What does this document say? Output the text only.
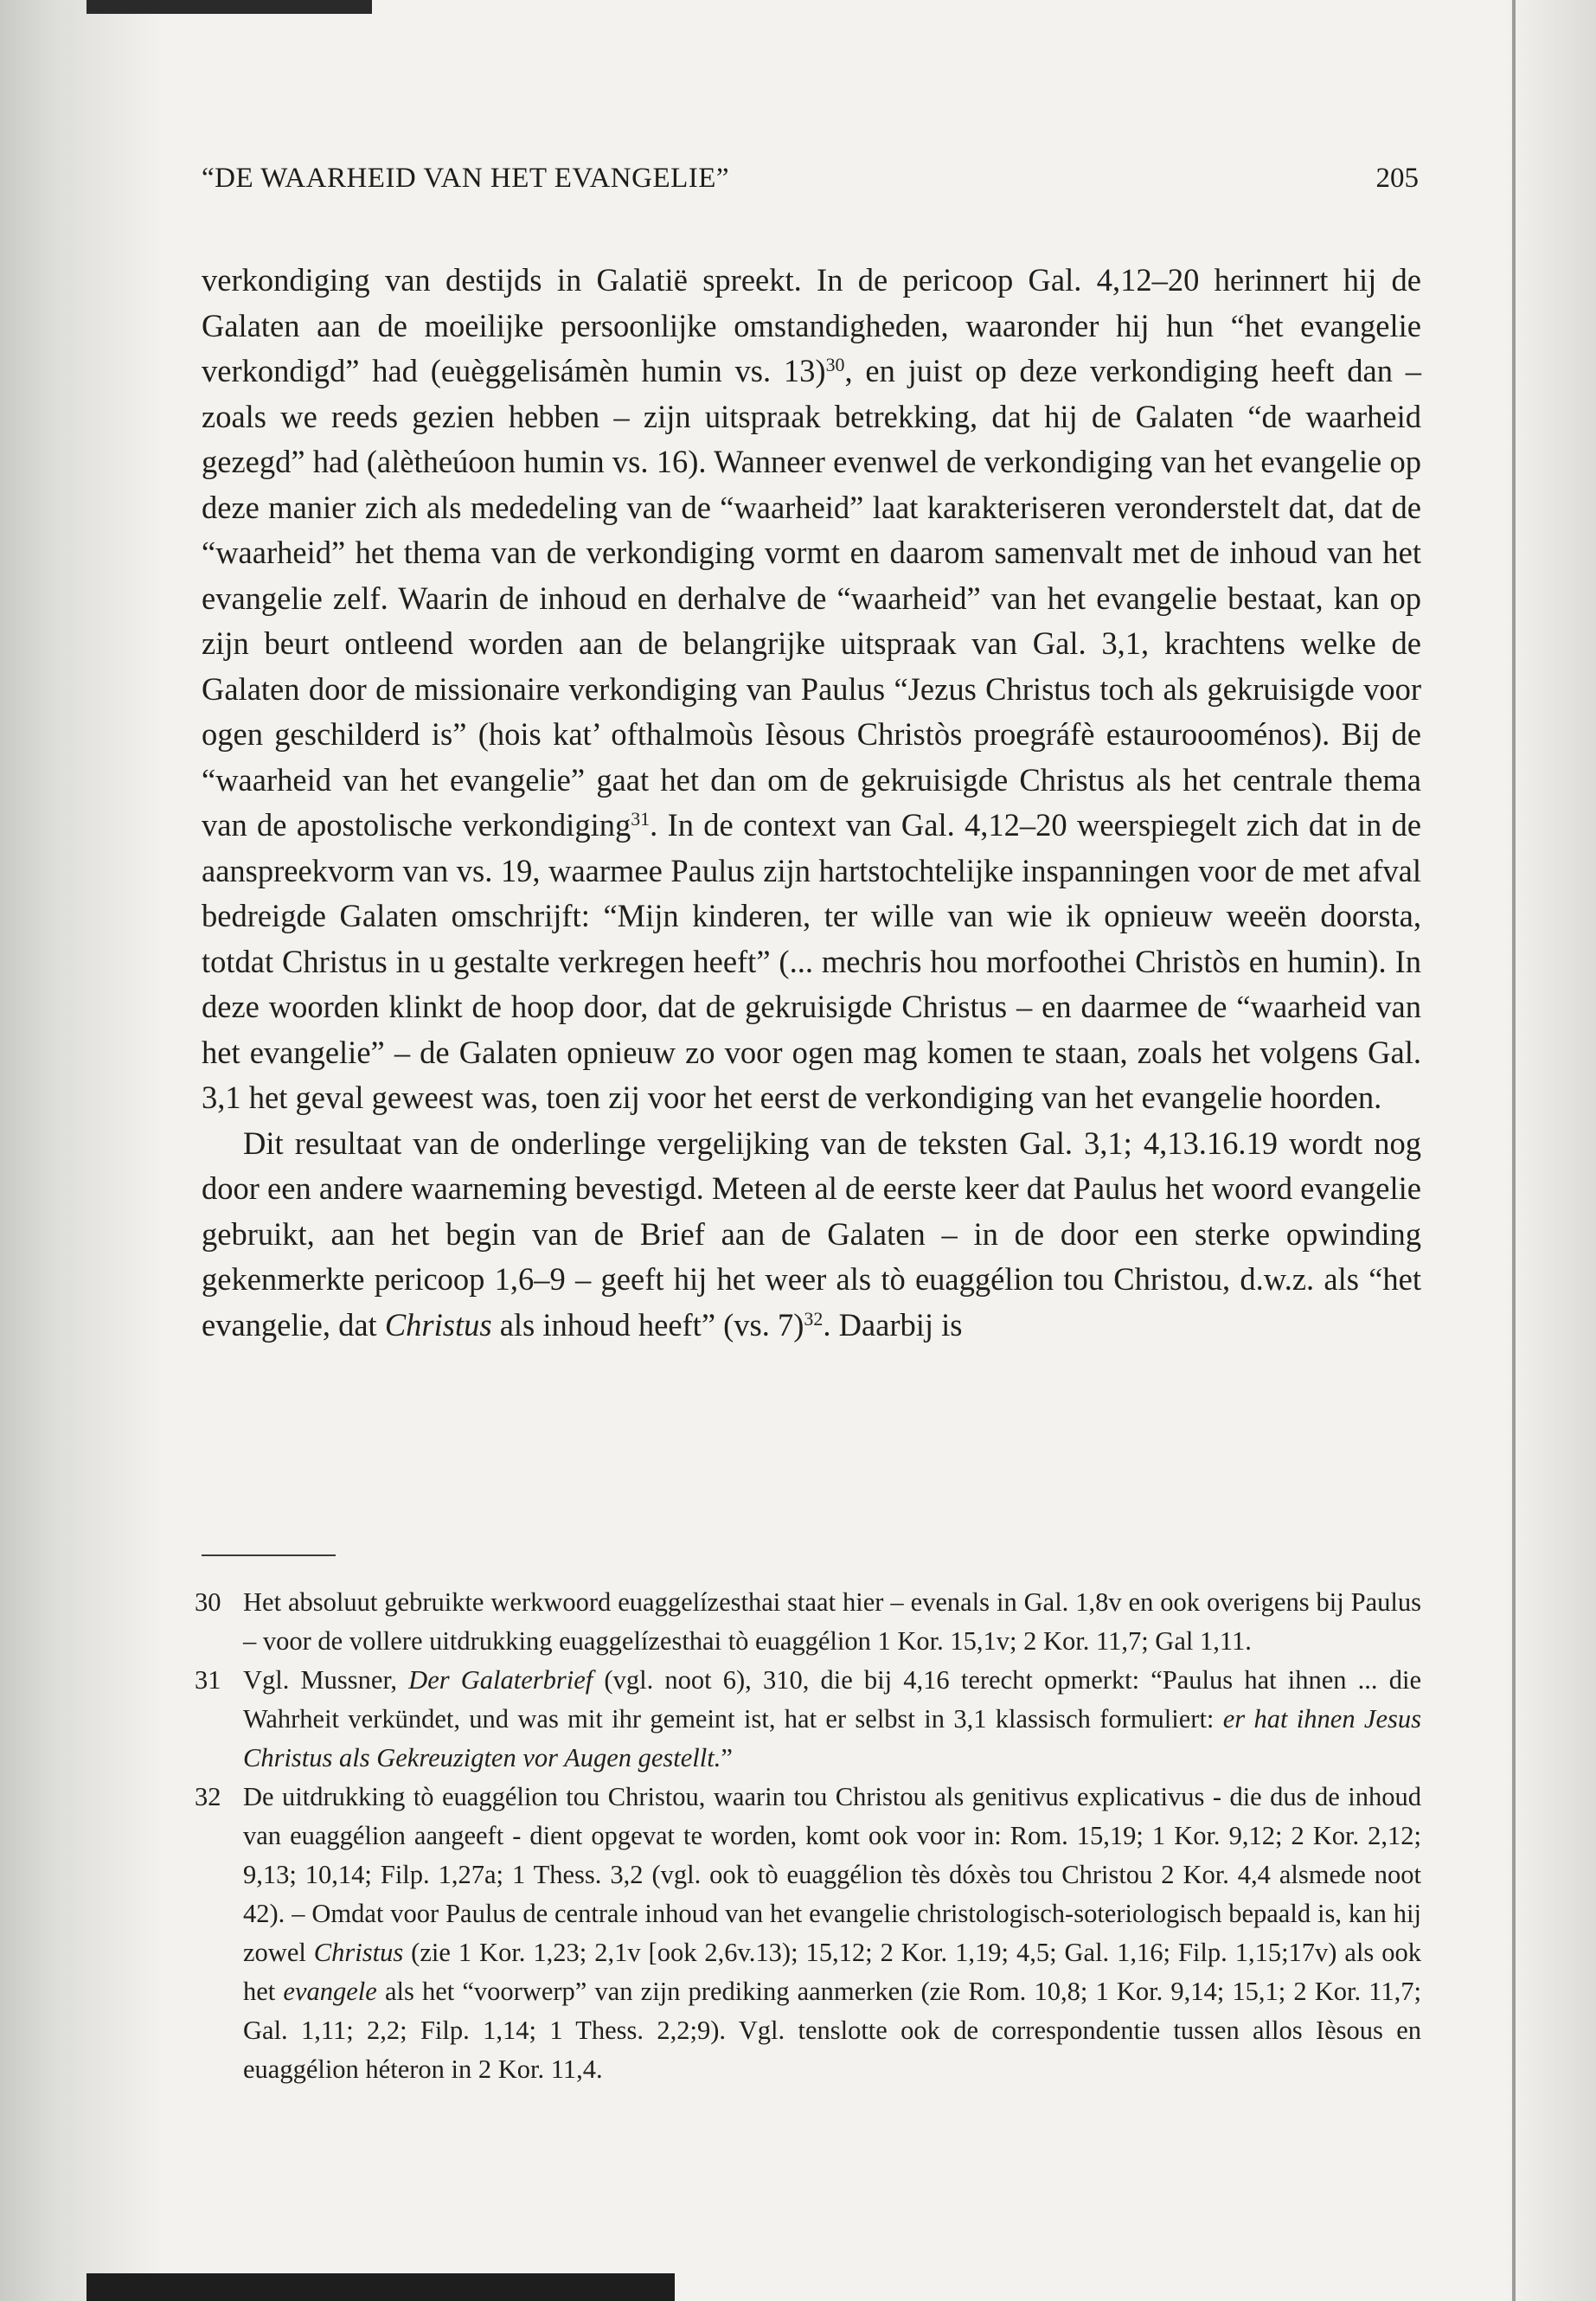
“DE WAARHEID VAN HET EVANGELIE”	205

verkondiging van destijds in Galatië spreekt. In de pericoop Gal. 4,12–20 herinnert hij de Galaten aan de moeilijke persoonlijke omstandigheden, waaronder hij hun “het evangelie verkondigd” had (euèggelisámèn humin vs. 13)$^{30}$, en juist op deze verkondiging heeft dan – zoals we reeds gezien hebben – zijn uitspraak betrekking, dat hij de Galaten “de waarheid gezegd” had (alètheúoon humin vs. 16). Wanneer evenwel de verkondiging van het evangelie op deze manier zich als mededeling van de “waarheid” laat karakteriseren veronderstelt dat, dat de “waarheid” het thema van de verkondiging vormt en daarom samenvalt met de inhoud van het evangelie zelf. Waarin de inhoud en derhalve de “waarheid” van het evangelie bestaat, kan op zijn beurt ontleend worden aan de belangrijke uitspraak van Gal. 3,1, krachtens welke de Galaten door de missionaire verkondiging van Paulus “Jezus Christus toch als gekruisigde voor ogen geschilderd is” (hois kat’ ofthalmoùs Ièsous Christòs proegráfè estauroooménos). Bij de “waarheid van het evangelie” gaat het dan om de gekruisigde Christus als het centrale thema van de apostolische verkondiging$^{31}$. In de context van Gal. 4,12–20 weerspiegelt zich dat in de aanspreekvorm van vs. 19, waarmee Paulus zijn hartstochtelijke inspanningen voor de met afval bedreigde Galaten omschrijft: “Mijn kinderen, ter wille van wie ik opnieuw weeën doorsta, totdat Christus in u gestalte verkregen heeft” (... mechris hou morfoothei Christòs en humin). In deze woorden klinkt de hoop door, dat de gekruisigde Christus – en daarmee de “waarheid van het evangelie” – de Galaten opnieuw zo voor ogen mag komen te staan, zoals het volgens Gal. 3,1 het geval geweest was, toen zij voor het eerst de verkondiging van het evangelie hoorden.

Dit resultaat van de onderlinge vergelijking van de teksten Gal. 3,1; 4,13.16.19 wordt nog door een andere waarneming bevestigd. Meteen al de eerste keer dat Paulus het woord evangelie gebruikt, aan het begin van de Brief aan de Galaten – in de door een sterke opwinding gekenmerkte pericoop 1,6–9 – geeft hij het weer als tò euaggélion tou Christou, d.w.z. als “het evangelie, dat Christus als inhoud heeft” (vs. 7)$^{32}$. Daarbij is

30 Het absoluut gebruikte werkwoord euaggelízesthai staat hier – evenals in Gal. 1,8v en ook overigens bij Paulus – voor de vollere uitdrukking euaggelízesthai tò euaggélion 1 Kor. 15,1v; 2 Kor. 11,7; Gal 1,11.

31 Vgl. Mussner, Der Galaterbrief (vgl. noot 6), 310, die bij 4,16 terecht opmerkt: “Paulus hat ihnen ... die Wahrheit verkündet, und was mit ihr gemeint ist, hat er selbst in 3,1 klassisch formuliert: er hat ihnen Jesus Christus als Gekreuzigten vor Augen gestellt.”

32 De uitdrukking tò euaggélion tou Christou, waarin tou Christou als genitivus explicativus - die dus de inhoud van euaggélion aangeeft - dient opgevat te worden, komt ook voor in: Rom. 15,19; 1 Kor. 9,12; 2 Kor. 2,12; 9,13; 10,14; Filp. 1,27a; 1 Thess. 3,2 (vgl. ook tò euaggélion tès dóxès tou Christou 2 Kor. 4,4 alsmede noot 42). – Omdat voor Paulus de centrale inhoud van het evangelie christologisch-soteriologisch bepaald is, kan hij zowel Christus (zie 1 Kor. 1,23; 2,1v [ook 2,6v.13); 15,12; 2 Kor. 1,19; 4,5; Gal. 1,16; Filp. 1,15;17v) als ook het evangele als het “voorwerp” van zijn prediking aanmerken (zie Rom. 10,8; 1 Kor. 9,14; 15,1; 2 Kor. 11,7; Gal. 1,11; 2,2; Filp. 1,14; 1 Thess. 2,2;9). Vgl. tenslotte ook de correspondentie tussen allos Ièsous en euaggélion héteron in 2 Kor. 11,4.
